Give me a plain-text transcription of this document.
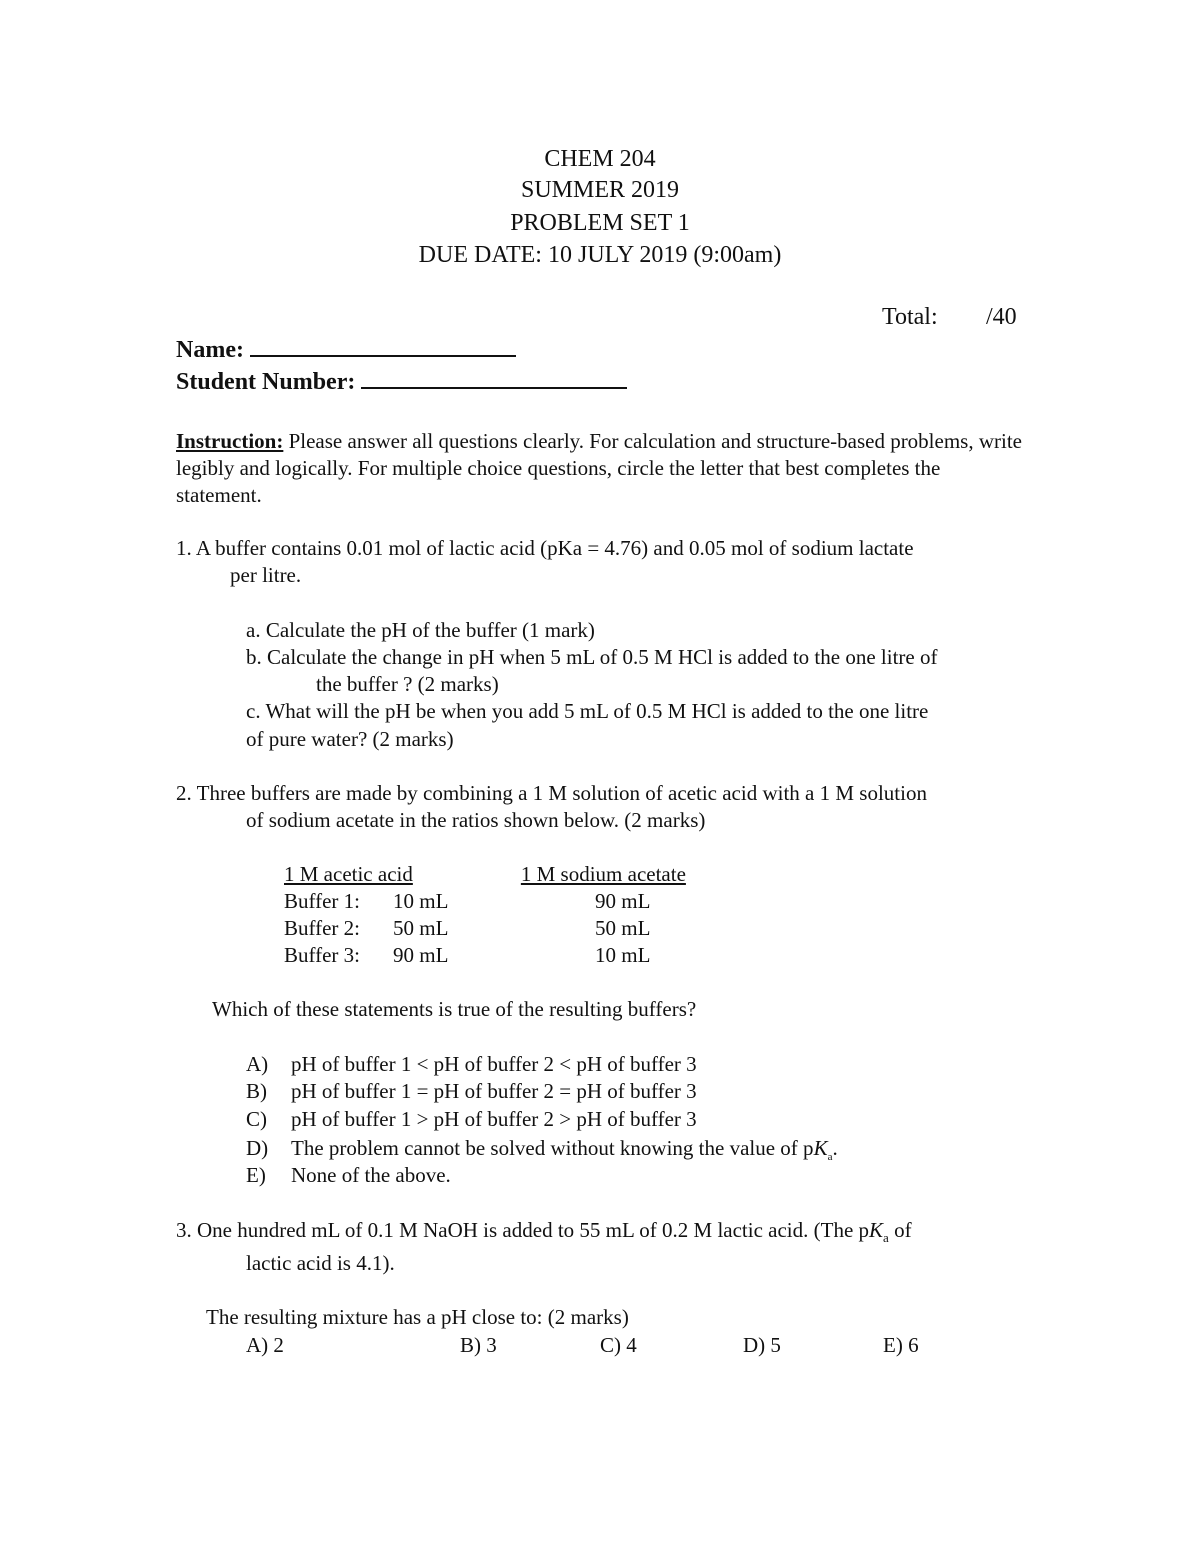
CHEM 204
SUMMER 2019
PROBLEM SET 1
DUE DATE: 10 JULY 2019 (9:00am)
Total: /40
Name:
Student Number:
Instruction: Please answer all questions clearly. For calculation and structure-based problems, write legibly and logically. For multiple choice questions, circle the letter that best completes the statement.
1. A buffer contains 0.01 mol of lactic acid (pKa = 4.76) and 0.05 mol of sodium lactate
per litre.
a. Calculate the pH of the buffer (1 mark)
b. Calculate the change in pH when 5 mL of 0.5 M HCl is added to the one litre of
the buffer ? (2 marks)
c. What will the pH be when you add 5 mL of 0.5 M HCl is added to the one litre
of pure water? (2 marks)
2. Three buffers are made by combining a 1 M solution of acetic acid with a 1 M solution
of sodium acetate in the ratios shown below. (2 marks)
1 M acetic acid	1 M sodium acetate
Buffer 1: 10 mL	90 mL
Buffer 2: 50 mL	50 mL
Buffer 3: 90 mL	10 mL
Which of these statements is true of the resulting buffers?
A) pH of buffer 1 < pH of buffer 2 < pH of buffer 3
B) pH of buffer 1 = pH of buffer 2 = pH of buffer 3
C) pH of buffer 1 > pH of buffer 2 > pH of buffer 3
D) The problem cannot be solved without knowing the value of $pK_a$.
E) None of the above.
3. One hundred mL of 0.1 M NaOH is added to 55 mL of 0.2 M lactic acid. (The $pK_a$ of
lactic acid is 4.1).
The resulting mixture has a pH close to: (2 marks)
A) 2	B) 3	C) 4	D) 5	E) 6
